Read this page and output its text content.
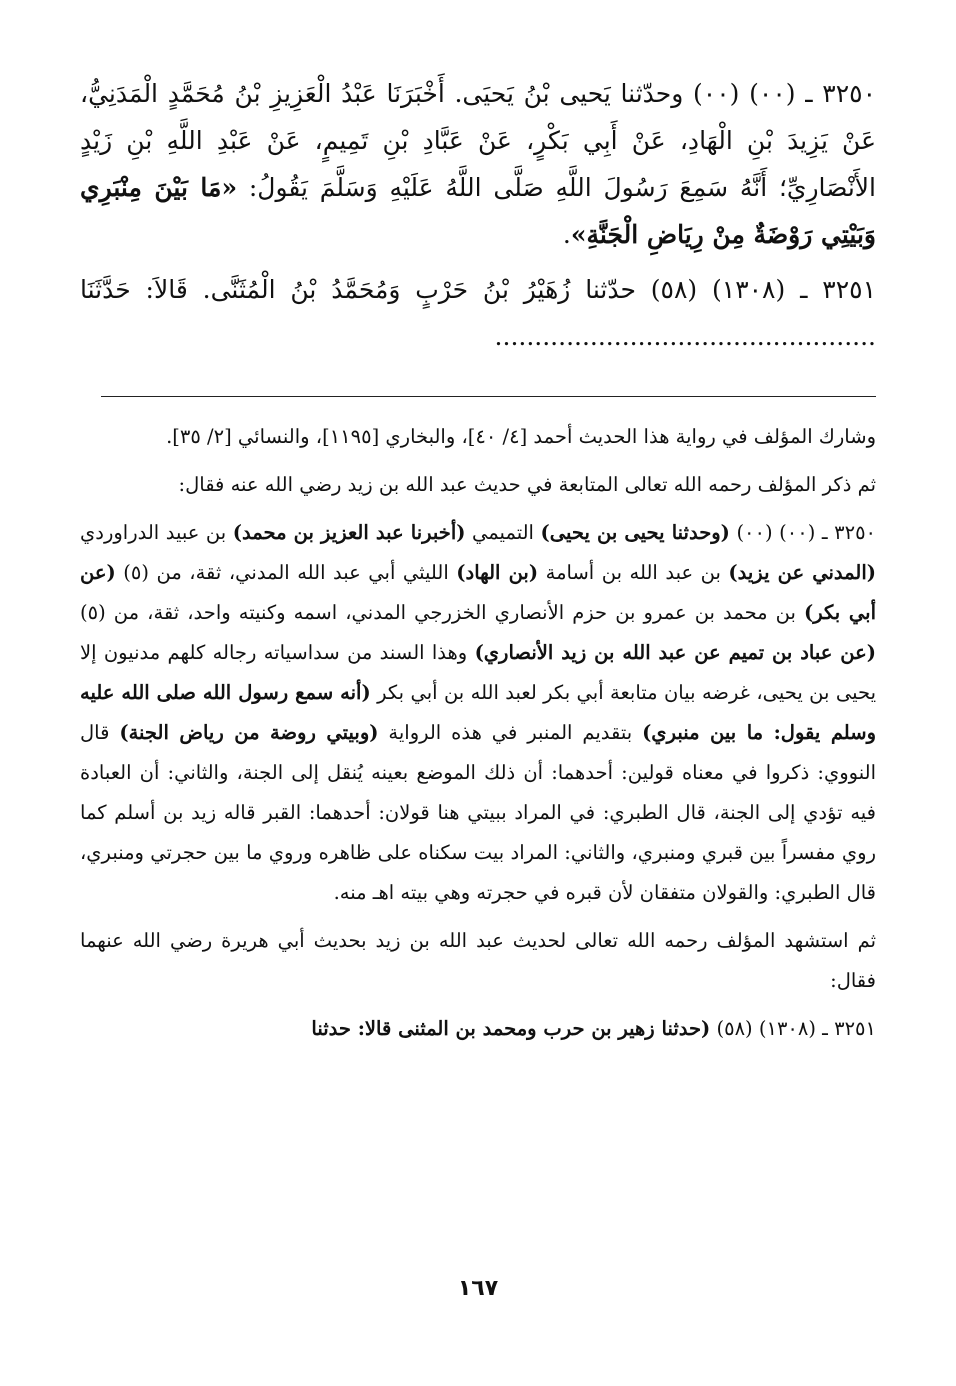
٣٢٥٠ ـ (٠٠) (٠٠) وحدّثنا يَحيى بْنُ يَحيَى. أَخْبَرَنَا عَبْدُ الْعَزِيزِ بْنُ مُحَمَّدٍ الْمَدَنِيُّ، عَنْ يَزِيدَ بْنِ الْهَادِ، عَنْ أَبِي بَكْرٍ، عَنْ عَبَّادِ بْنِ تَمِيمٍ، عَنْ عَبْدِ اللَّهِ بْنِ زَيْدٍ الأَنْصَارِيِّ؛ أَنَّهُ سَمِعَ رَسُولَ اللَّهِ صَلَّى اللَّهُ عَلَيْهِ وَسَلَّمَ يَقُولُ: «مَا بَيْنَ مِنْبَرِي وَبَيْتِي رَوْضَةٌ مِنْ رِيَاضِ الْجَنَّةِ».

٣٢٥١ ـ (١٣٠٨) (٥٨) حدّثنا زُهَيْرُ بْنُ حَرْبٍ وَمُحَمَّدُ بْنُ الْمُثَنَّى. قَالاَ: حَدَّثَنَا ................................................

وشارك المؤلف في رواية هذا الحديث أحمد [٤/ ٤٠]، والبخاري [١١٩٥]، والنسائي [٢/ ٣٥].

ثم ذكر المؤلف رحمه الله تعالى المتابعة في حديث عبد الله بن زيد رضي الله عنه فقال:

٣٢٥٠ ـ (٠٠) (٠٠) (وحدثنا يحيى بن يحيى) التميمي (أخبرنا عبد العزيز بن محمد) بن عبيد الدراوردي (المدني عن يزيد) بن عبد الله بن أسامة (بن الهاد) الليثي أبي عبد الله المدني، ثقة، من (٥) (عن أبي بكر) بن محمد بن عمرو بن حزم الأنصاري الخزرجي المدني، اسمه وكنيته واحد، ثقة، من (٥) (عن عباد بن تميم عن عبد الله بن زيد الأنصاري) وهذا السند من سداسياته رجاله كلهم مدنيون إلا يحيى بن يحيى، غرضه بيان متابعة أبي بكر لعبد الله بن أبي بكر (أنه سمع رسول الله صلى الله عليه وسلم يقول: ما بين منبري) بتقديم المنبر في هذه الرواية (وبيتي روضة من رياض الجنة) قال النووي: ذكروا في معناه قولين: أحدهما: أن ذلك الموضع بعينه يُنقل إلى الجنة، والثاني: أن العبادة فيه تؤدي إلى الجنة، قال الطبري: في المراد ببيتي هنا قولان: أحدهما: القبر قاله زيد بن أسلم كما روي مفسراً بين قبري ومنبري، والثاني: المراد بيت سكناه على ظاهره وروي ما بين حجرتي ومنبري، قال الطبري: والقولان متفقان لأن قبره في حجرته وهي بيته اهـ منه.

ثم استشهد المؤلف رحمه الله تعالى لحديث عبد الله بن زيد بحديث أبي هريرة رضي الله عنهما فقال:

٣٢٥١ ـ (١٣٠٨) (٥٨) (حدثنا زهير بن حرب ومحمد بن المثنى قالا: حدثنا

١٦٧
